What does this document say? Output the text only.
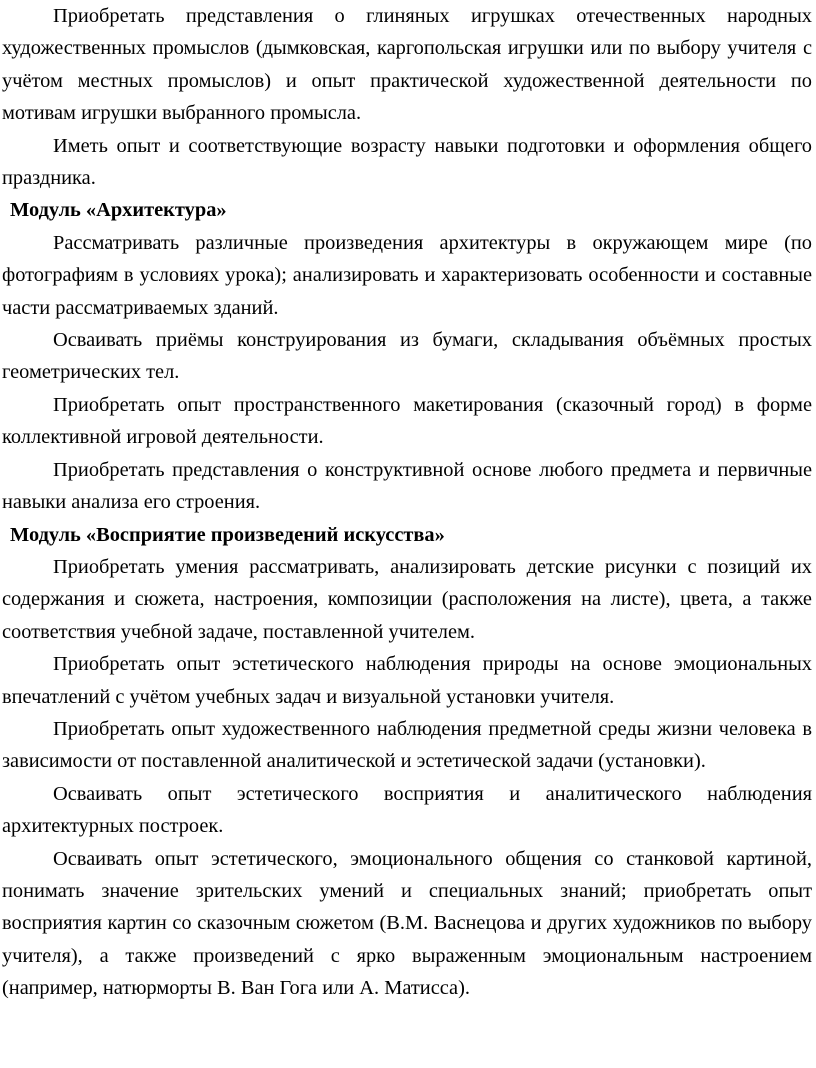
Приобретать представления о глиняных игрушках отечественных народных художественных промыслов (дымковская, каргопольская игрушки или по выбору учителя с учётом местных промыслов) и опыт практической художественной деятельности по мотивам игрушки выбранного промысла.

Иметь опыт и соответствующие возрасту навыки подготовки и оформления общего праздника.

Модуль «Архитектура»

Рассматривать различные произведения архитектуры в окружающем мире (по фотографиям в условиях урока); анализировать и характеризовать особенности и составные части рассматриваемых зданий.

Осваивать приёмы конструирования из бумаги, складывания объёмных простых геометрических тел.

Приобретать опыт пространственного макетирования (сказочный город) в форме коллективной игровой деятельности.

Приобретать представления о конструктивной основе любого предмета и первичные навыки анализа его строения.

Модуль «Восприятие произведений искусства»

Приобретать умения рассматривать, анализировать детские рисунки с позиций их содержания и сюжета, настроения, композиции (расположения на листе), цвета, а также соответствия учебной задаче, поставленной учителем.

Приобретать опыт эстетического наблюдения природы на основе эмоциональных впечатлений с учётом учебных задач и визуальной установки учителя.

Приобретать опыт художественного наблюдения предметной среды жизни человека в зависимости от поставленной аналитической и эстетической задачи (установки).

Осваивать опыт эстетического восприятия и аналитического наблюдения архитектурных построек.

Осваивать опыт эстетического, эмоционального общения со станковой картиной, понимать значение зрительских умений и специальных знаний; приобретать опыт восприятия картин со сказочным сюжетом (В.М. Васнецова и других художников по выбору учителя), а также произведений с ярко выраженным эмоциональным настроением (например, натюрморты В. Ван Гога или А. Матисса).
